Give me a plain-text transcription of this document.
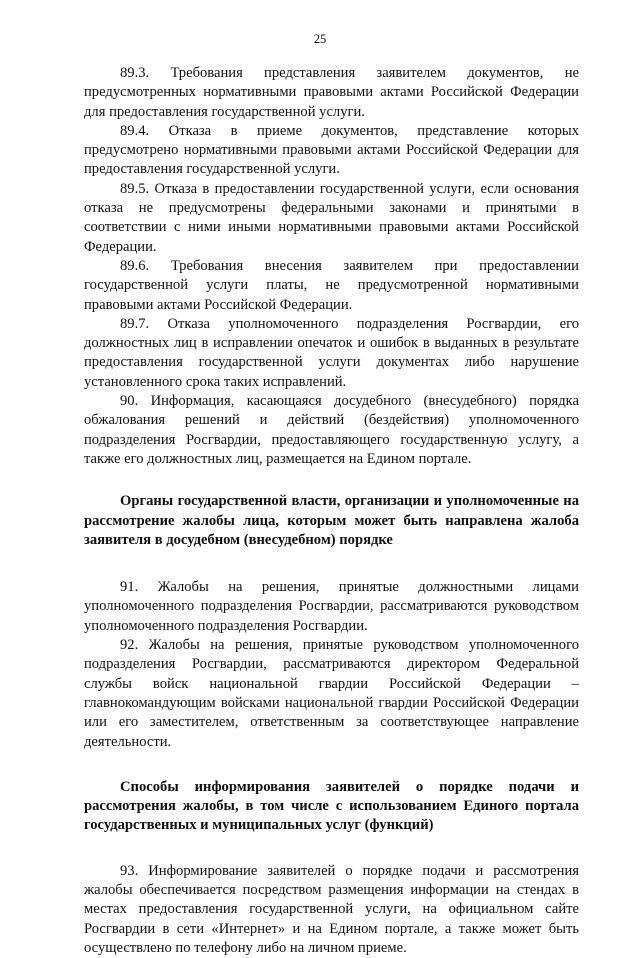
25

89.3. Требования представления заявителем документов, не предусмотренных нормативными правовыми актами Российской Федерации для предоставления государственной услуги.

89.4. Отказа в приеме документов, представление которых предусмотрено нормативными правовыми актами Российской Федерации для предоставления государственной услуги.

89.5. Отказа в предоставлении государственной услуги, если основания отказа не предусмотрены федеральными законами и принятыми в соответствии с ними иными нормативными правовыми актами Российской Федерации.

89.6. Требования внесения заявителем при предоставлении государственной услуги платы, не предусмотренной нормативными правовыми актами Российской Федерации.

89.7. Отказа уполномоченного подразделения Росгвардии, его должностных лиц в исправлении опечаток и ошибок в выданных в результате предоставления государственной услуги документах либо нарушение установленного срока таких исправлений.

90. Информация, касающаяся досудебного (внесудебного) порядка обжалования решений и действий (бездействия) уполномоченного подразделения Росгвардии, предоставляющего государственную услугу, а также его должностных лиц, размещается на Едином портале.

Органы государственной власти, организации и уполномоченные на рассмотрение жалобы лица, которым может быть направлена жалоба заявителя в досудебном (внесудебном) порядке

91. Жалобы на решения, принятые должностными лицами уполномоченного подразделения Росгвардии, рассматриваются руководством уполномоченного подразделения Росгвардии.

92. Жалобы на решения, принятые руководством уполномоченного подразделения Росгвардии, рассматриваются директором Федеральной службы войск национальной гвардии Российской Федерации – главнокомандующим войсками национальной гвардии Российской Федерации или его заместителем, ответственным за соответствующее направление деятельности.

Способы информирования заявителей о порядке подачи и рассмотрения жалобы, в том числе с использованием Единого портала государственных и муниципальных услуг (функций)

93. Информирование заявителей о порядке подачи и рассмотрения жалобы обеспечивается посредством размещения информации на стендах в местах предоставления государственной услуги, на официальном сайте Росгвардии в сети «Интернет» и на Едином портале, а также может быть осуществлено по телефону либо на личном приеме.
